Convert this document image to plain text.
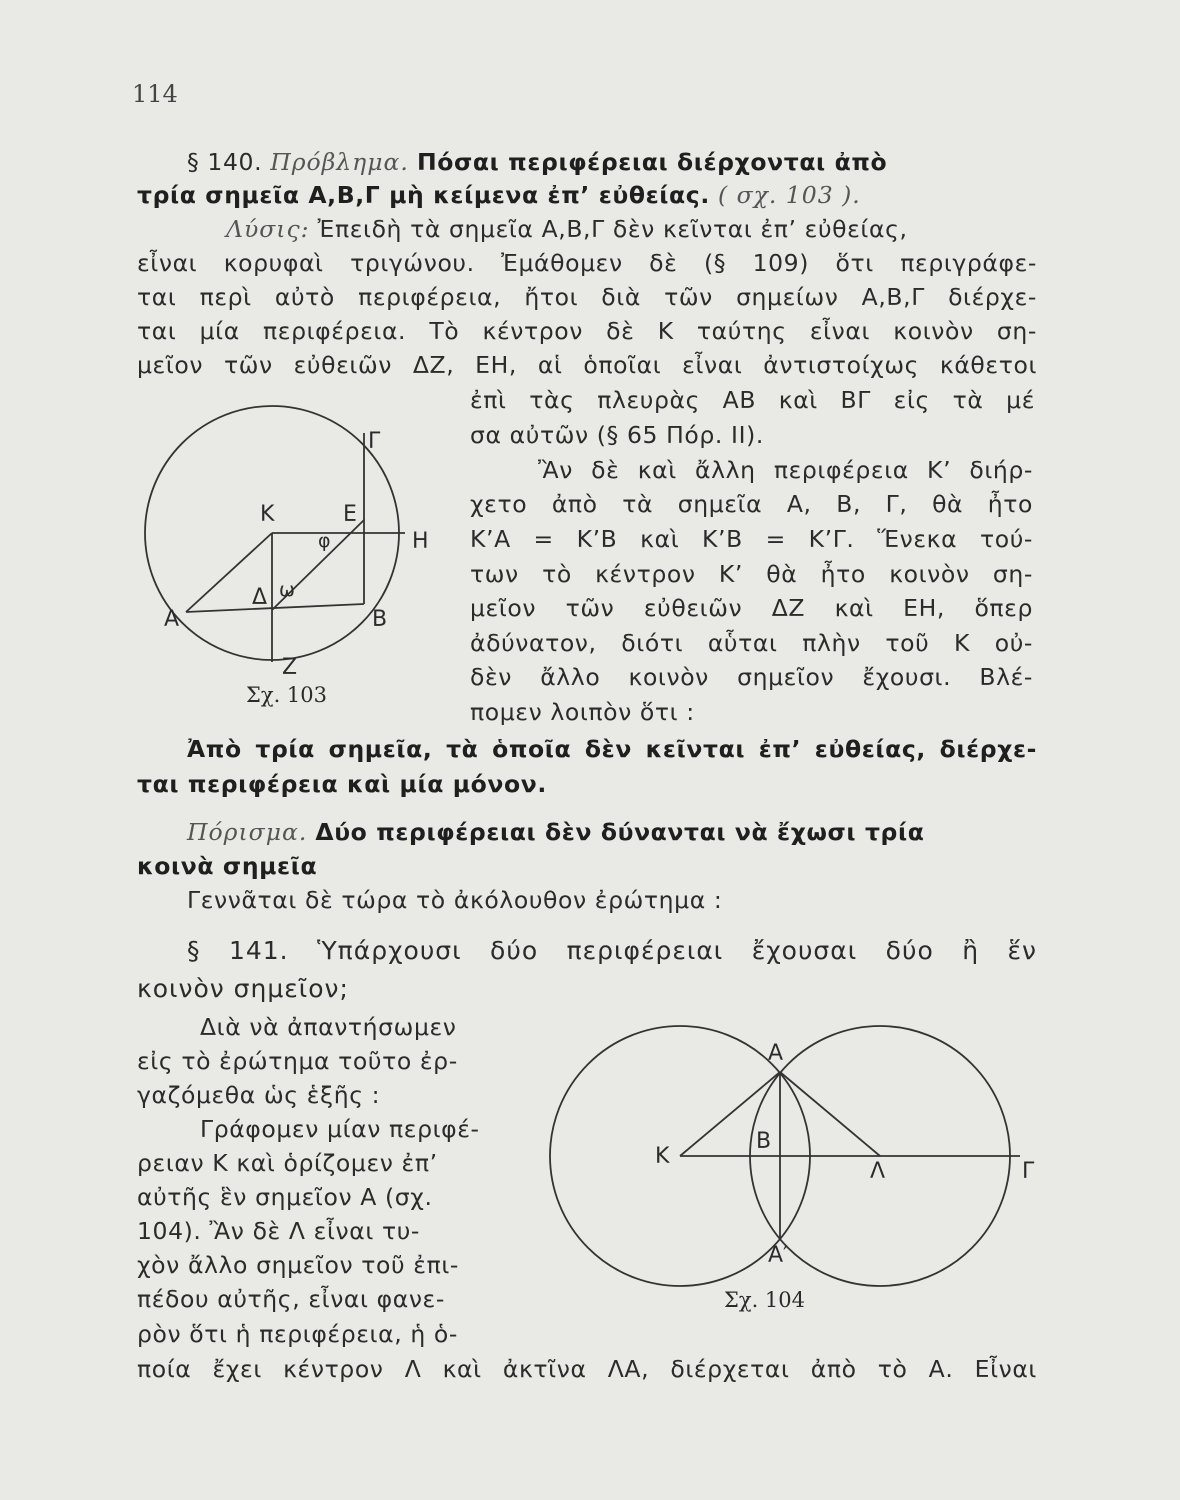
114
§ 140. Πρόβλημα. Πόσαι περιφέρειαι διέρχονται ἀπὸ
τρία σημεῖα Α,Β,Γ μὴ κείμενα ἐπ’ εὐθείας. ( σχ. 103 ).
Λύσις: Ἐπειδὴ τὰ σημεῖα Α,Β,Γ δὲν κεῖνται ἐπ’ εὐθείας,
εἶναι κορυφαὶ τριγώνου. Ἐμάθομεν δὲ (§ 109) ὅτι περιγράφε-
ται περὶ αὐτὸ περιφέρεια, ἤτοι διὰ τῶν σημείων Α,Β,Γ διέρχε-
ται μία περιφέρεια. Τὸ κέντρον δὲ Κ ταύτης εἶναι κοινὸν ση-
μεῖον τῶν εὐθειῶν ΔΖ, ΕΗ, αἱ ὁποῖαι εἶναι ἀντιστοίχως κάθετοι
ἐπὶ τὰς πλευρὰς ΑΒ καὶ ΒΓ εἰς τὰ μέ
σα αὐτῶν (§ 65 Πόρ. ΙΙ).
Ἂν δὲ καὶ ἄλλη περιφέρεια Κ’ διήρ-
χετο ἀπὸ τὰ σημεῖα Α, Β, Γ, θὰ ἦτο
Κ’Α = Κ’Β καὶ Κ’Β = Κ’Γ. Ἕνεκα τού-
των τὸ κέντρον Κ’ θὰ ἦτο κοινὸν ση-
μεῖον τῶν εὐθειῶν ΔΖ καὶ ΕΗ, ὅπερ
ἀδύνατον, διότι αὗται πλὴν τοῦ Κ οὐ-
δὲν ἄλλο κοινὸν σημεῖον ἔχουσι. Βλέ-
πομεν λοιπὸν ὅτι :
Ἀπὸ τρία σημεῖα, τὰ ὁποῖα δὲν κεῖνται ἐπ’ εὐθείας, διέρχε-
ται περιφέρεια καὶ μία μόνον.
Πόρισμα. Δύο περιφέρειαι δὲν δύνανται νὰ ἔχωσι τρία
κοινὰ σημεῖα
Γεννᾶται δὲ τώρα τὸ ἀκόλουθον ἐρώτημα :
§ 141. Ὑπάρχουσι δύο περιφέρειαι ἔχουσαι δύο ἢ ἕν
κοινὸν σημεῖον;
Διὰ νὰ ἀπαντήσωμεν
εἰς τὸ ἐρώτημα τοῦτο ἐρ-
γαζόμεθα ὡς ἑξῆς :
Γράφομεν μίαν περιφέ-
ρειαν Κ καὶ ὁρίζομεν ἐπ’
αὐτῆς ἓν σημεῖον Α (σχ.
104). Ἂν δὲ Λ εἶναι τυ-
χὸν ἄλλο σημεῖον τοῦ ἐπι-
πέδου αὐτῆς, εἶναι φανε-
ρὸν ὅτι ἡ περιφέρεια, ἡ ὁ-
ποία ἔχει κέντρον Λ καὶ ἀκτῖνα ΛΑ, διέρχεται ἀπὸ τὸ Α. Εἶναι
Γ
Κ	Ε
φ	Η
ω
Δ
Α	Β
Ζ
Σχ. 103
Α
Κ
Β
Λ	Γ
Α′
Σχ. 104
